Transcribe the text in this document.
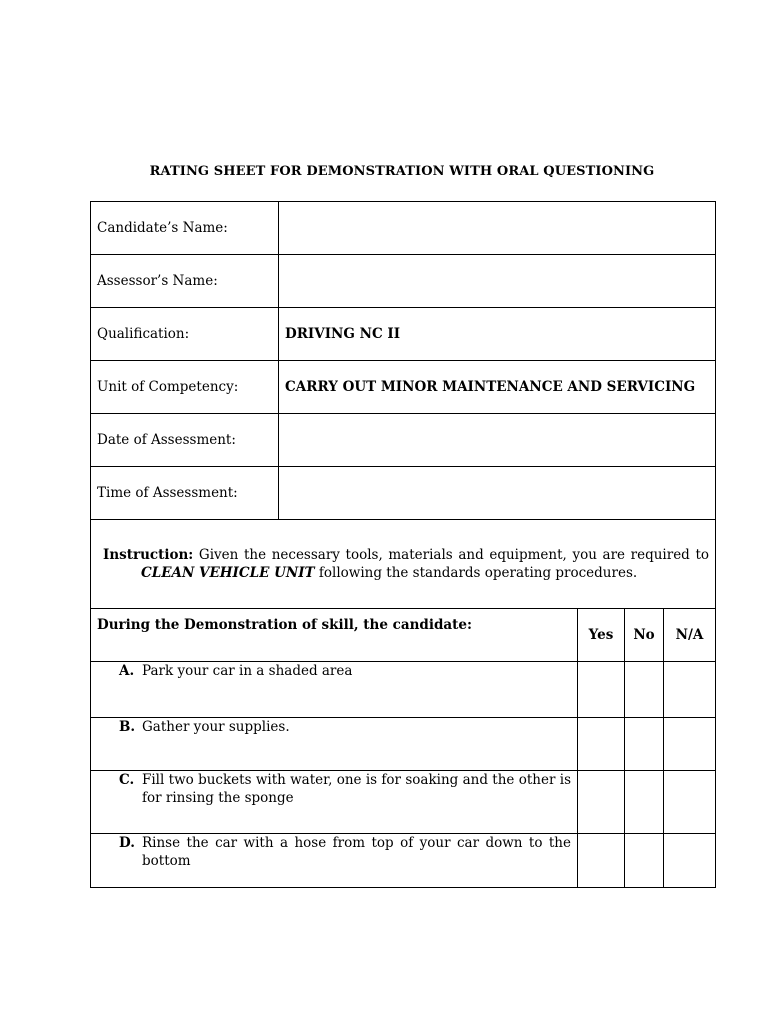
RATING SHEET FOR DEMONSTRATION WITH ORAL QUESTIONING
Candidate’s Name:				
Assessor’s Name:				
Qualification:	DRIVING NC II			
Unit of Competency:	CARRY OUT MINOR MAINTENANCE AND SERVICING			
Date of Assessment:				
Time of Assessment:				

Instruction: Given the necessary tools, materials and equipment, you are required to
CLEAN VEHICLE UNIT following the standards operating procedures.				

During the Demonstration of skill, the candidate:		Yes	No	N/A

A. Park your car in a shaded area				

B. Gather your supplies.				

C. Fill two buckets with water, one is for soaking and the other is for rinsing the sponge				

D. Rinse the car with a hose from top of your car down to the bottom				
